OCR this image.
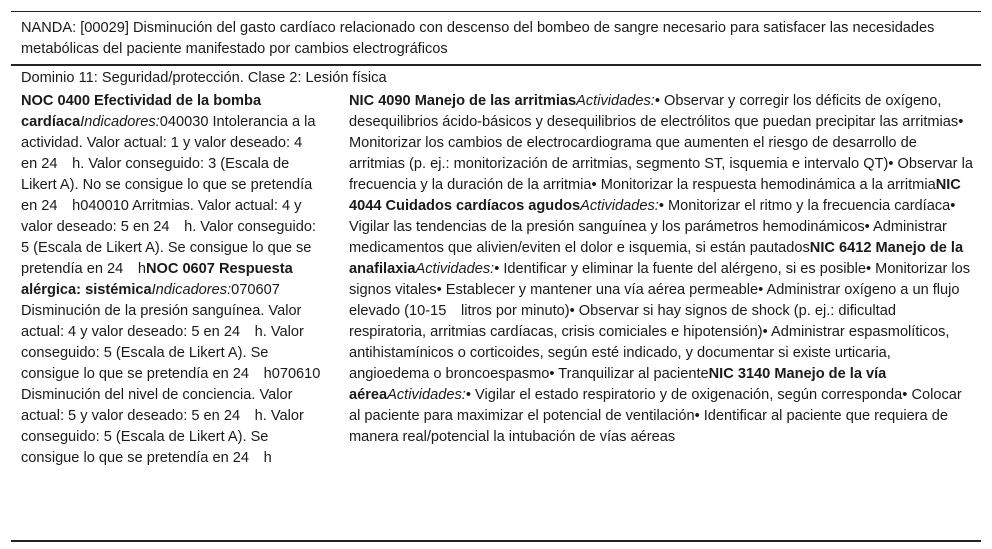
NANDA: [00029] Disminución del gasto cardíaco relacionado con descenso del bombeo de sangre necesario para satisfacer las necesidades metabólicas del paciente manifestado por cambios electrográficos
Dominio 11: Seguridad/protección. Clase 2: Lesión física
NOC 0400 Efectividad de la bomba cardíacaIndicadores:040030 Intolerancia a la actividad. Valor actual: 1 y valor deseado: 4 en 24 h. Valor conseguido: 3 (Escala de Likert A). No se consigue lo que se pretendía en 24 h040010 Arritmias. Valor actual: 4 y valor deseado: 5 en 24 h. Valor conseguido: 5 (Escala de Likert A). Se consigue lo que se pretendía en 24 hNOC 0607 Respuesta alérgica: sistémicaIndicadores:070607 Disminución de la presión sanguínea. Valor actual: 4 y valor deseado: 5 en 24 h. Valor conseguido: 5 (Escala de Likert A). Se consigue lo que se pretendía en 24 h070610 Disminución del nivel de conciencia. Valor actual: 5 y valor deseado: 5 en 24 h. Valor conseguido: 5 (Escala de Likert A). Se consigue lo que se pretendía en 24 h
NIC 4090 Manejo de las arritmiasActividades:• Observar y corregir los déficits de oxígeno, desequilibrios ácido-básicos y desequilibrios de electrólitos que puedan precipitar las arritmias• Monitorizar los cambios de electrocardiograma que aumenten el riesgo de desarrollo de arritmias (p. ej.: monitorización de arritmias, segmento ST, isquemia e intervalo QT)• Observar la frecuencia y la duración de la arritmia• Monitorizar la respuesta hemodinámica a la arritmiaNIC 4044 Cuidados cardíacos agudosActividades:• Monitorizar el ritmo y la frecuencia cardíaca• Vigilar las tendencias de la presión sanguínea y los parámetros hemodinámicos• Administrar medicamentos que alivien/eviten el dolor e isquemia, si están pautadosNIC 6412 Manejo de la anafilaxiaActividades:• Identificar y eliminar la fuente del alérgeno, si es posible• Monitorizar los signos vitales• Establecer y mantener una vía aérea permeable• Administrar oxígeno a un flujo elevado (10-15 litros por minuto)• Observar si hay signos de shock (p. ej.: dificultad respiratoria, arritmias cardíacas, crisis comiciales e hipotensión)• Administrar espasmolíticos, antihistamínicos o corticoides, según esté indicado, y documentar si existe urticaria, angioedema o broncoespasmo• Tranquilizar al pacienteNIC 3140 Manejo de la vía aéreaActividades:• Vigilar el estado respiratorio y de oxigenación, según corresponda• Colocar al paciente para maximizar el potencial de ventilación• Identificar al paciente que requiera de manera real/potencial la intubación de vías aéreas
